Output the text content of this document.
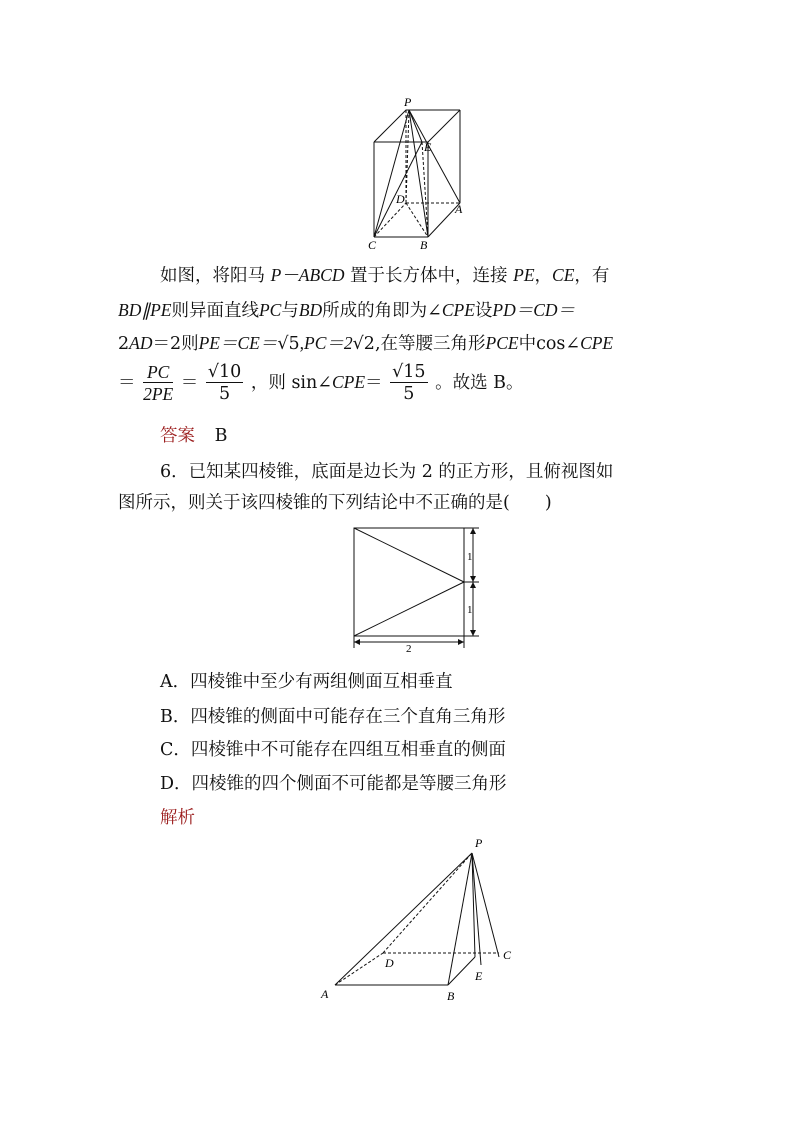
P
E
D
A
C	B
如图，将阳马 P－ABCD 置于长方体中，连接 PE，CE，有
BD∥PE则异面直线PC与BD所成的角即为∠CPE设PD＝CD＝
2AD＝2则PE＝CE＝√5,PC＝2√2,在等腰三角形PCE中cos∠CPE
＝ $\frac{PC}{2PE} = \frac{√10}{5}$ ，则 sin∠CPE＝ $\frac{√15}{5}$ 。故选 B。
答案 B
6．已知某四棱锥，底面是边长为 2 的正方形，且俯视图如
图所示，则关于该四棱锥的下列结论中不正确的是(　　)
1
1
2
A．四棱锥中至少有两组侧面互相垂直
B．四棱锥的侧面中可能存在三个直角三角形
C．四棱锥中不可能存在四组互相垂直的侧面
D．四棱锥的四个侧面不可能都是等腰三角形
解析
P
D
C
A	B
E
